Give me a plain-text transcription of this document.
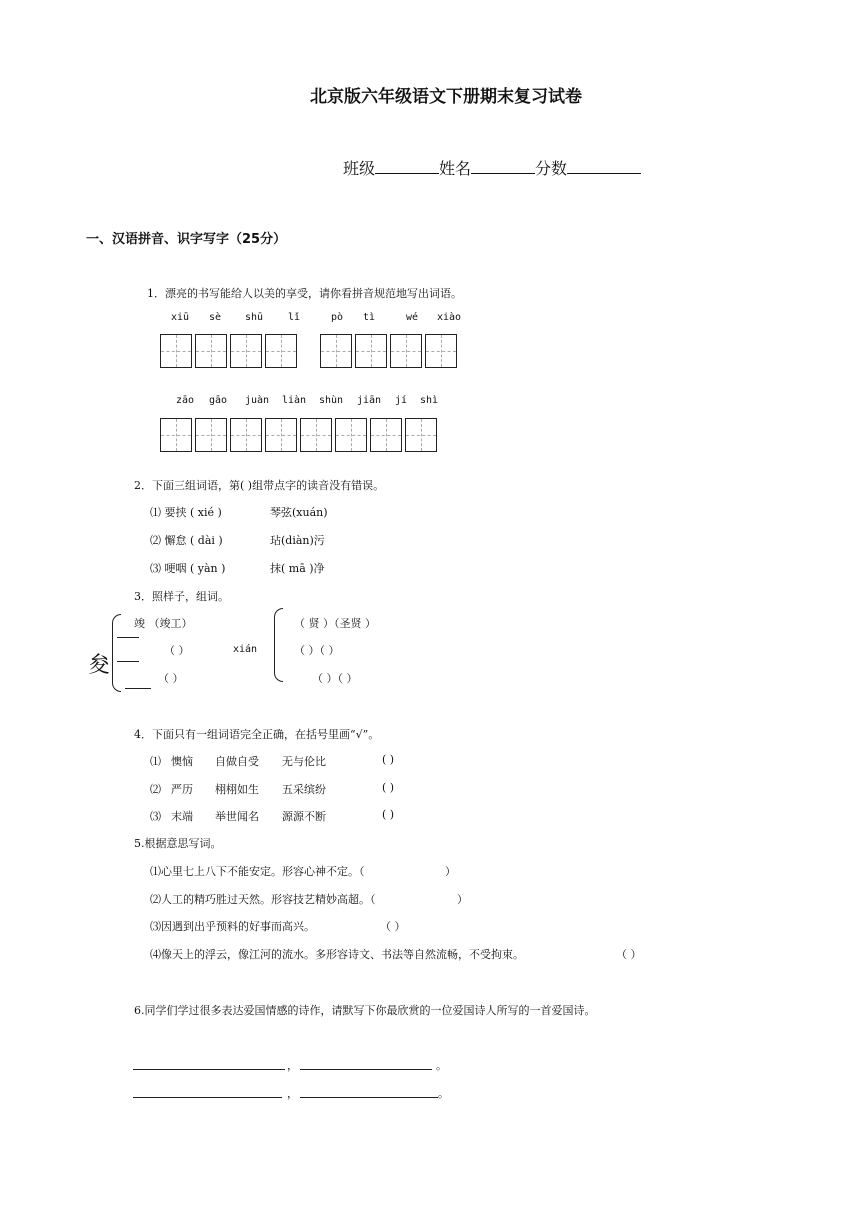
北京版六年级语文下册期末复习试卷
班级	姓名	分数
一、汉语拼音、识字写字（25分）
1．漂亮的书写能给人以美的享受，请你看拼音规范地写出词语。
xiū sè shū lǐ	pò tì	wé xiào
zāo gāo juàn liàn shùn jiān jí shì
2．下面三组词语，第( )组带点字的读音没有错误。
⑴ 要挟 ( xié )	琴弦(xuán)
⑵ 懈怠 ( dài )	玷(diàn)污
⑶ 哽咽 ( yàn )	抹( mā )净
3．照样子，组词。
夋
竣 （竣工）
（ ）
（ ）
xián
（ 贤 ）（圣贤 ）
（ ）（ ）
（ ）（ ）
4．下面只有一组词语完全正确，在括号里画“√”。
⑴ 懊恼 自做自受 无与伦比	( )
⑵ 严历 栩栩如生 五采缤纷	( )
⑶ 末端 举世闻名 源源不断	( )
5.根据意思写词。
⑴心里七上八下不能安定。形容心神不定。（	）
⑵人工的精巧胜过天然。形容技艺精妙高超。（	）
⑶因遇到出乎预料的好事而高兴。	（ ）
⑷像天上的浮云，像江河的流水。多形容诗文、书法等自然流畅，不受拘束。	（ ）
6.同学们学过很多表达爱国情感的诗作，请默写下你最欣赏的一位爱国诗人所写的一首爱国诗。
，	。
，	。
